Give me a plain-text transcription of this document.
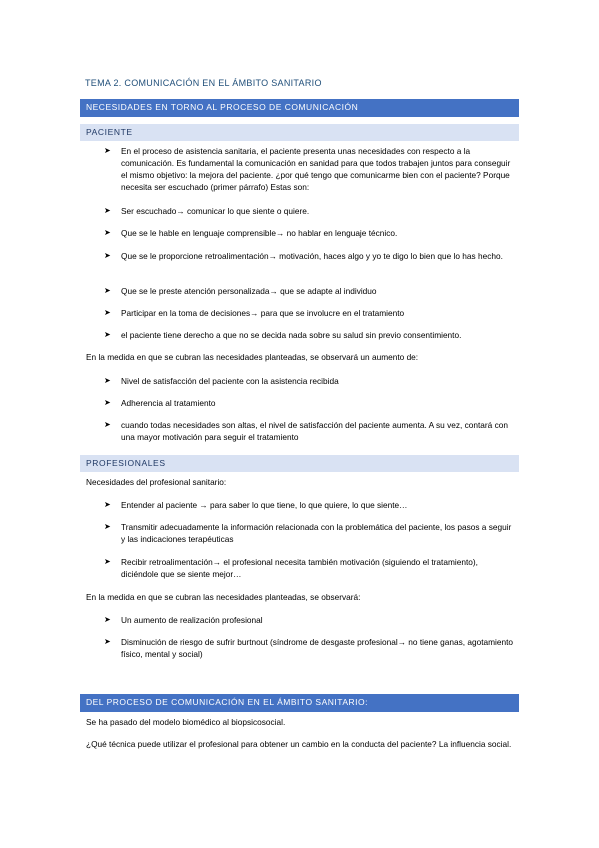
TEMA 2. COMUNICACIÓN EN EL ÁMBITO SANITARIO
NECESIDADES EN TORNO AL PROCESO DE COMUNICACIÓN
PACIENTE
➤ En el proceso de asistencia sanitaria, el paciente presenta unas necesidades con respecto a la comunicación. Es fundamental la comunicación en sanidad para que todos trabajen juntos para conseguir el mismo objetivo: la mejora del paciente. ¿por qué tengo que comunicarme bien con el paciente? Porque necesita ser escuchado (primer párrafo) Estas son:
➤ Ser escuchado→ comunicar lo que siente o quiere.
➤ Que se le hable en lenguaje comprensible→ no hablar en lenguaje técnico.
➤ Que se le proporcione retroalimentación→ motivación, haces algo y yo te digo lo bien que lo has hecho.
➤ Que se le preste atención personalizada→ que se adapte al individuo
➤ Participar en la toma de decisiones→ para que se involucre en el tratamiento
➤ el paciente tiene derecho a que no se decida nada sobre su salud sin previo consentimiento.
En la medida en que se cubran las necesidades planteadas, se observará un aumento de:
➤ Nivel de satisfacción del paciente con la asistencia recibida
➤ Adherencia al tratamiento
➤ cuando todas necesidades son altas, el nivel de satisfacción del paciente aumenta. A su vez, contará con una mayor motivación para seguir el tratamiento
PROFESIONALES
Necesidades del profesional sanitario:
➤ Entender al paciente → para saber lo que tiene, lo que quiere, lo que siente…
➤ Transmitir adecuadamente la información relacionada con la problemática del paciente, los pasos a seguir y las indicaciones terapéuticas
➤ Recibir retroalimentación→ el profesional necesita también motivación (siguiendo el tratamiento), diciéndole que se siente mejor…
En la medida en que se cubran las necesidades planteadas, se observará:
➤ Un aumento de realización profesional
➤ Disminución de riesgo de sufrir burtnout (síndrome de desgaste profesional→ no tiene ganas, agotamiento físico, mental y social)
DEL PROCESO DE COMUNICACIÓN EN EL ÁMBITO SANITARIO:
Se ha pasado del modelo biomédico al biopsicosocial.
¿Qué técnica puede utilizar el profesional para obtener un cambio en la conducta del paciente? La influencia social.
